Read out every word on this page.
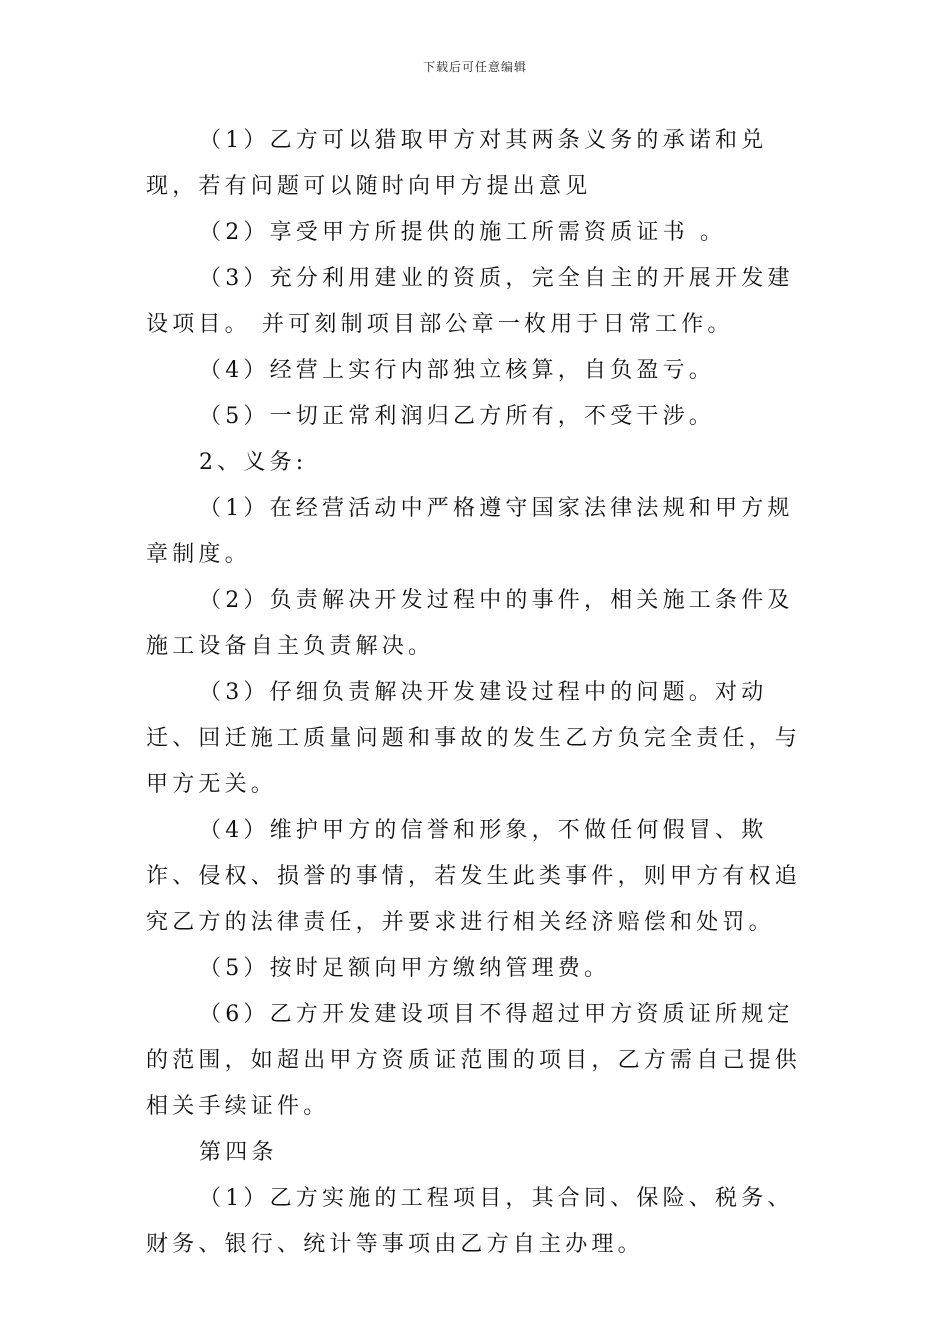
下载后可任意编辑

（1）乙方可以猎取甲方对其两条义务的承诺和兑现，若有问题可以随时向甲方提出意见

（2）享受甲方所提供的施工所需资质证书 。

（3）充分利用建业的资质，完全自主的开展开发建设项目。 并可刻制项目部公章一枚用于日常工作。

（4）经营上实行内部独立核算，自负盈亏。

（5）一切正常利润归乙方所有，不受干涉。

2、义务:

（1）在经营活动中严格遵守国家法律法规和甲方规章制度。

（2）负责解决开发过程中的事件，相关施工条件及施工设备自主负责解决。

（3）仔细负责解决开发建设过程中的问题。对动迁、回迁施工质量问题和事故的发生乙方负完全责任，与甲方无关。

（4）维护甲方的信誉和形象，不做任何假冒、欺诈、侵权、损誉的事情，若发生此类事件，则甲方有权追究乙方的法律责任，并要求进行相关经济赔偿和处罚。

（5）按时足额向甲方缴纳管理费。

（6）乙方开发建设项目不得超过甲方资质证所规定的范围，如超出甲方资质证范围的项目，乙方需自己提供相关手续证件。

第四条

（1）乙方实施的工程项目，其合同、保险、税务、财务、银行、统计等事项由乙方自主办理。
